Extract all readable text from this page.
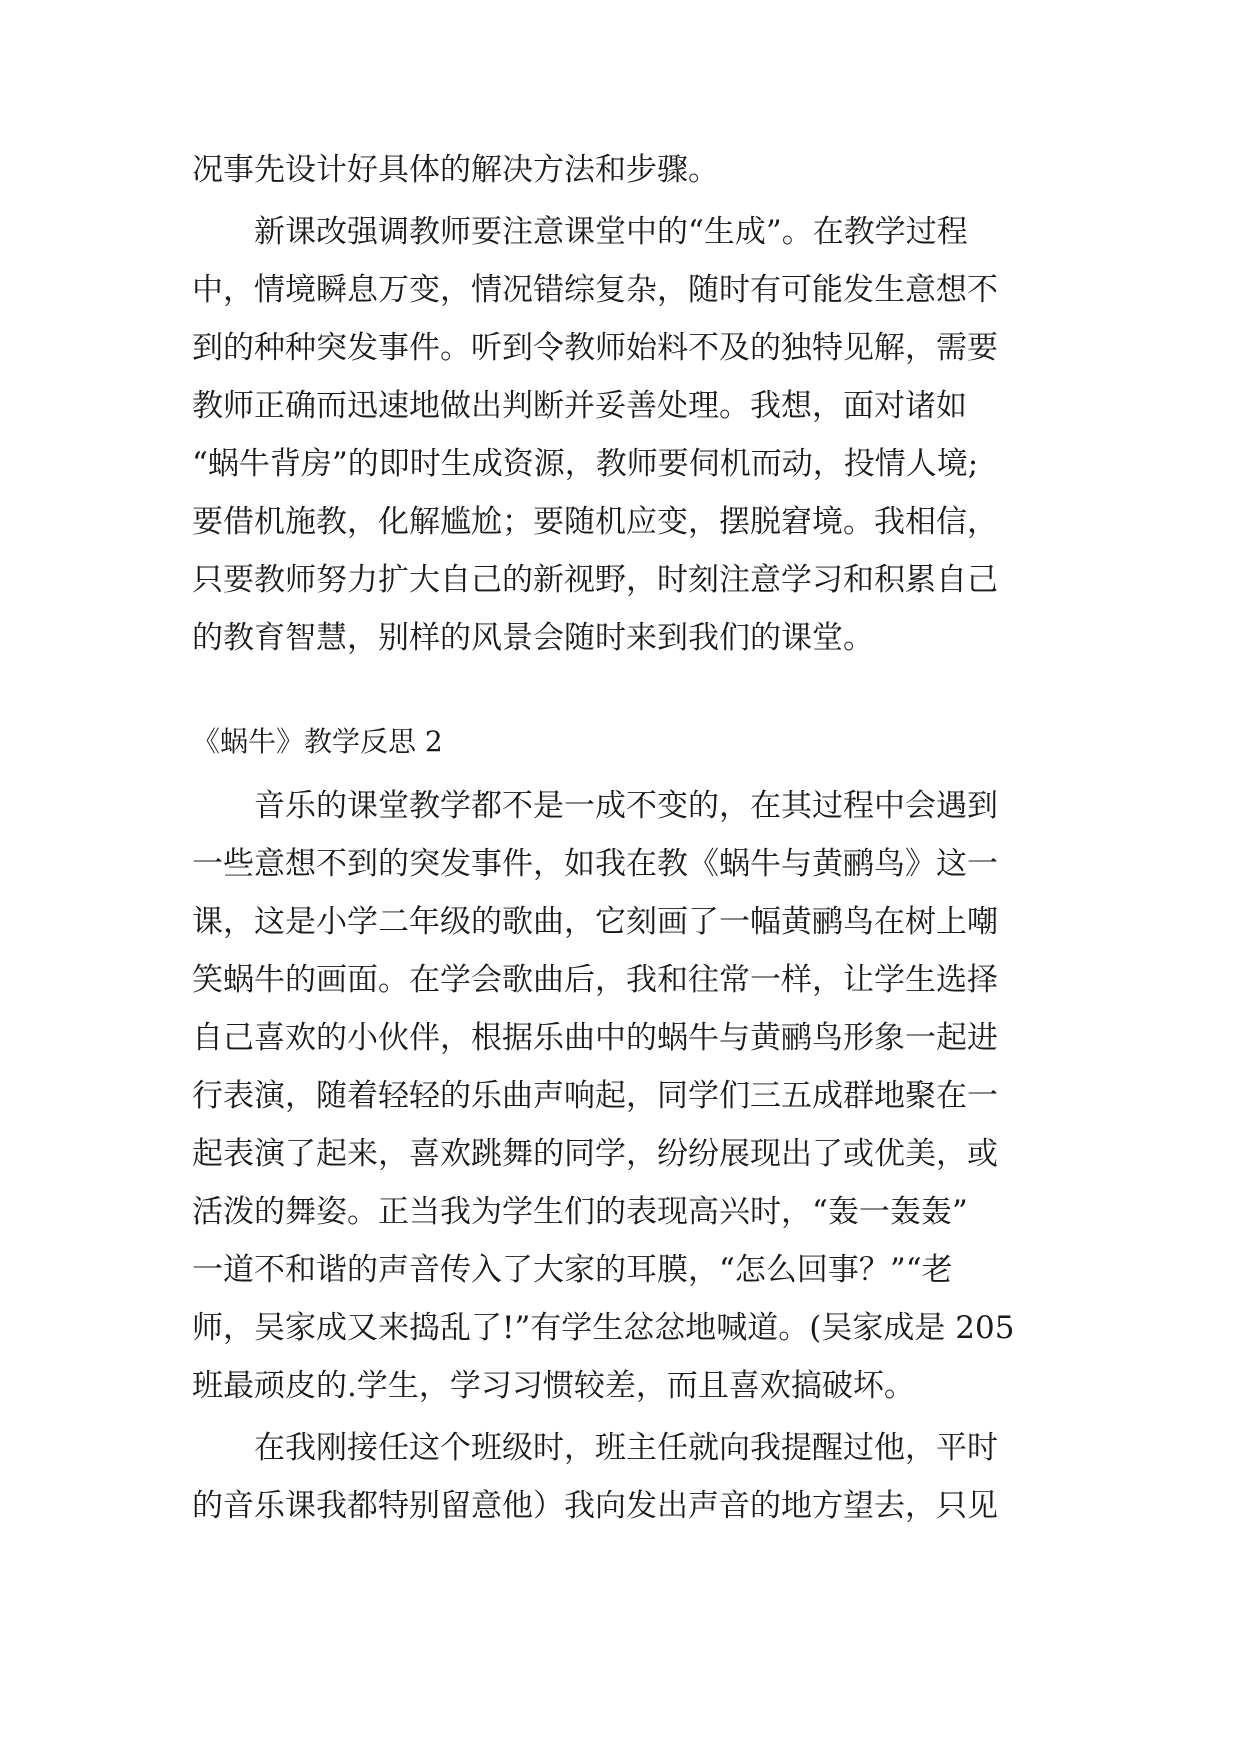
况事先设计好具体的解决方法和步骤。
新课改强调教师要注意课堂中的“生成”。在教学过程
中，情境瞬息万变，情况错综复杂，随时有可能发生意想不
到的种种突发事件。听到令教师始料不及的独特见解，需要
教师正确而迅速地做出判断并妥善处理。我想，面对诸如
“蜗牛背房”的即时生成资源，教师要伺机而动，投情人境;
要借机施教，化解尴尬；要随机应变，摆脱窘境。我相信，
只要教师努力扩大自己的新视野，时刻注意学习和积累自己
的教育智慧，别样的风景会随时来到我们的课堂。
《蜗牛》教学反思 2
音乐的课堂教学都不是一成不变的，在其过程中会遇到
一些意想不到的突发事件，如我在教《蜗牛与黄鹂鸟》这一
课，这是小学二年级的歌曲，它刻画了一幅黄鹂鸟在树上嘲
笑蜗牛的画面。在学会歌曲后，我和往常一样，让学生选择
自己喜欢的小伙伴，根据乐曲中的蜗牛与黄鹂鸟形象一起进
行表演，随着轻轻的乐曲声响起，同学们三五成群地聚在一
起表演了起来，喜欢跳舞的同学，纷纷展现出了或优美，或
活泼的舞姿。正当我为学生们的表现高兴时，“轰一轰轰”
一道不和谐的声音传入了大家的耳膜，“怎么回事？”“老
师，吴家成又来捣乱了!”有学生忿忿地喊道。(吴家成是 205
班最顽皮的.学生，学习习惯较差，而且喜欢搞破坏。
在我刚接任这个班级时，班主任就向我提醒过他，平时
的音乐课我都特别留意他）我向发出声音的地方望去，只见
